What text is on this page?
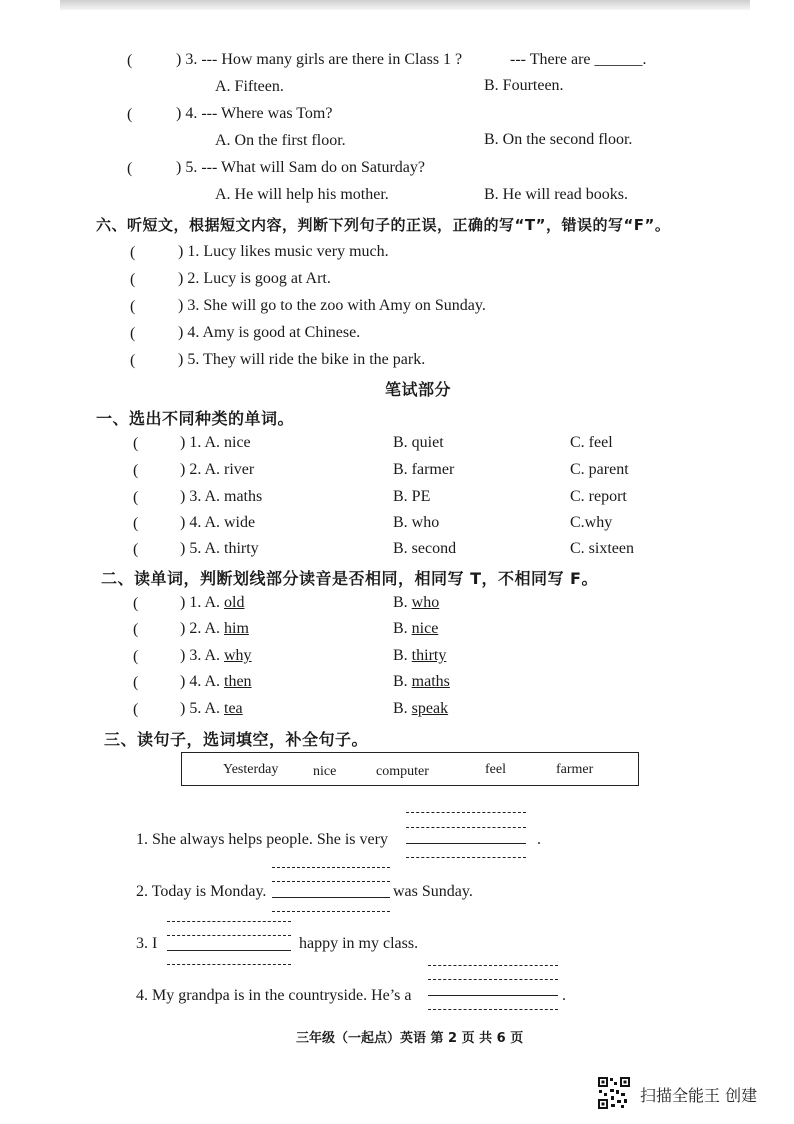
(	) 3. --- How many girls are there in Class 1 ?	--- There are ______.
A. Fifteen.	B. Fourteen.
(	) 4. --- Where was Tom?
A. On the first floor.	B. On the second floor.
(	) 5. --- What will Sam do on Saturday?
A. He will help his mother.	B. He will read books.
六、听短文，根据短文内容，判断下列句子的正误，正确的写“T”，错误的写“F”。
(	) 1. Lucy likes music very much.
(	) 2. Lucy is goog at Art.
(	) 3. She will go to the zoo with Amy on Sunday.
(	) 4. Amy is good at Chinese.
(	) 5. They will ride the bike in the park.
笔试部分
一、选出不同种类的单词。
(	) 1. A. nice	B. quiet	C. feel
(	) 2. A. river	B. farmer	C. parent
(	) 3. A. maths	B. PE	C. report
(	) 4. A. wide	B. who	C.why
(	) 5. A. thirty	B. second	C. sixteen
二、读单词，判断划线部分读音是否相同，相同写 T，不相同写 F。
(	) 1. A. old	B. who
(	) 2. A. him	B. nice
(	) 3. A. why	B. thirty
(	) 4. A. then	B. maths
(	) 5. A. tea	B. speak
三、读句子，选词填空，补全句子。
Yesterday nice	computer	feel	farmer
1. She always helps people. She is very	.
2. Today is Monday.	was Sunday.
3. I	happy in my class.
4. My grandpa is in the countryside. He’s a	.
三年级（一起点）英语 第 2 页 共 6 页
扫描全能王 创建
